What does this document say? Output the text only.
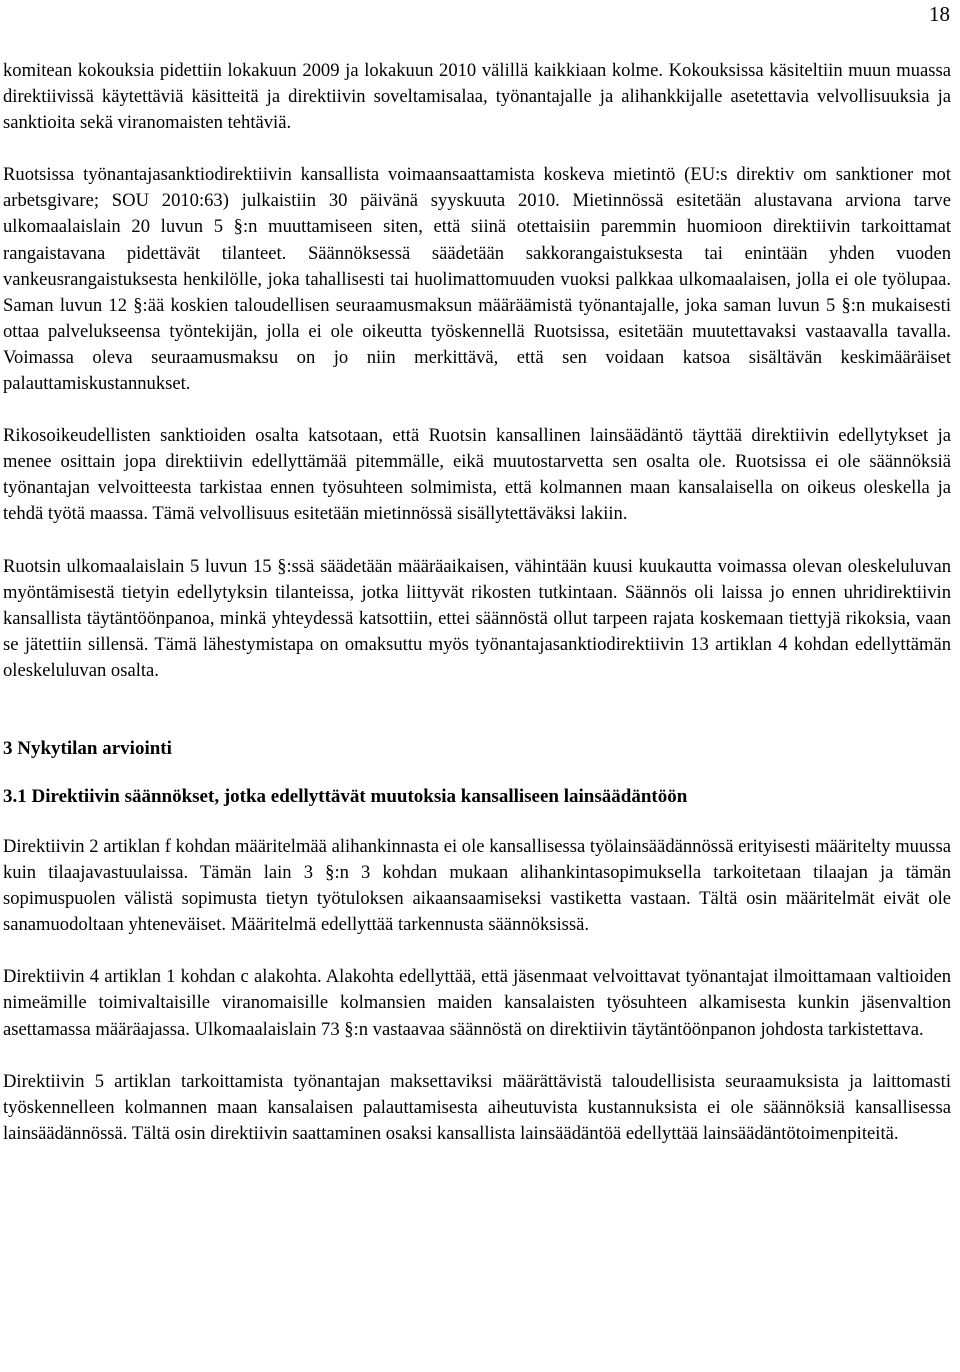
18

komitean kokouksia pidettiin lokakuun 2009 ja lokakuun 2010 välillä kaikkiaan kolme. Kokouksissa käsiteltiin muun muassa direktiivissä käytettäviä käsitteitä ja direktiivin soveltamisalaa, työnantajalle ja alihankkijalle asetettavia velvollisuuksia ja sanktioita sekä viranomaisten tehtäviä.

Ruotsissa työnantajasanktiodirektiivin kansallista voimaansaattamista koskeva mietintö (EU:s direktiv om sanktioner mot arbetsgivare; SOU 2010:63) julkaistiin 30 päivänä syyskuuta 2010. Mietinnössä esitetään alustavana arviona tarve ulkomaalaislain 20 luvun 5 §:n muuttamiseen siten, että siinä otettaisiin paremmin huomioon direktiivin tarkoittamat rangaistavana pidettävät tilanteet. Säännöksessä säädetään sakkorangaistuksesta tai enintään yhden vuoden vankeusrangaistuksesta henkilölle, joka tahallisesti tai huolimattomuuden vuoksi palkkaa ulkomaalaisen, jolla ei ole työlupaa. Saman luvun 12 §:ää koskien taloudellisen seuraamusmaksun määräämistä työnantajalle, joka saman luvun 5 §:n mukaisesti ottaa palvelukseensa työntekijän, jolla ei ole oikeutta työskennellä Ruotsissa, esitetään muutettavaksi vastaavalla tavalla. Voimassa oleva seuraamusmaksu on jo niin merkittävä, että sen voidaan katsoa sisältävän keskimääräiset palauttamiskustannukset.

Rikosoikeudellisten sanktioiden osalta katsotaan, että Ruotsin kansallinen lainsäädäntö täyttää direktiivin edellytykset ja menee osittain jopa direktiivin edellyttämää pitemmälle, eikä muutostarvetta sen osalta ole. Ruotsissa ei ole säännöksiä työnantajan velvoitteesta tarkistaa ennen työsuhteen solmimista, että kolmannen maan kansalaisella on oikeus oleskella ja tehdä työtä maassa. Tämä velvollisuus esitetään mietinnössä sisällytettäväksi lakiin.

Ruotsin ulkomaalaislain 5 luvun 15 §:ssä säädetään määräaikaisen, vähintään kuusi kuukautta voimassa olevan oleskeluluvan myöntämisestä tietyin edellytyksin tilanteissa, jotka liittyvät rikosten tutkintaan. Säännös oli laissa jo ennen uhridirektiivin kansallista täytäntöönpanoa, minkä yhteydessä katsottiin, ettei säännöstä ollut tarpeen rajata koskemaan tiettyjä rikoksia, vaan se jätettiin sillensä. Tämä lähestymistapa on omaksuttu myös työnantajasanktiodirektiivin 13 artiklan 4 kohdan edellyttämän oleskeluluvan osalta.

3 Nykytilan arviointi
3.1 Direktiivin säännökset, jotka edellyttävät muutoksia kansalliseen lainsäädäntöön

Direktiivin 2 artiklan f kohdan määritelmää alihankinnasta ei ole kansallisessa työlainsäädännössä erityisesti määritelty muussa kuin tilaajavastuulaissa. Tämän lain 3 §:n 3 kohdan mukaan alihankintasopimuksella tarkoitetaan tilaajan ja tämän sopimuspuolen välistä sopimusta tietyn työtuloksen aikaansaamiseksi vastiketta vastaan. Tältä osin määritelmät eivät ole sanamuodoltaan yhteneväiset. Määritelmä edellyttää tarkennusta säännöksissä.

Direktiivin 4 artiklan 1 kohdan c alakohta. Alakohta edellyttää, että jäsenmaat velvoittavat työnantajat ilmoittamaan valtioiden nimeämille toimivaltaisille viranomaisille kolmansien maiden kansalaisten työsuhteen alkamisesta kunkin jäsenvaltion asettamassa määräajassa. Ulkomaalaislain 73 §:n vastaavaa säännöstä on direktiivin täytäntöönpanon johdosta tarkistettava.

Direktiivin 5 artiklan tarkoittamista työnantajan maksettaviksi määrättävistä taloudellisista seuraamuksista ja laittomasti työskennelleen kolmannen maan kansalaisen palauttamisesta aiheutuvista kustannuksista ei ole säännöksiä kansallisessa lainsäädännössä. Tältä osin direktiivin saattaminen osaksi kansallista lainsäädäntöä edellyttää lainsäädäntötoimenpiteitä.
